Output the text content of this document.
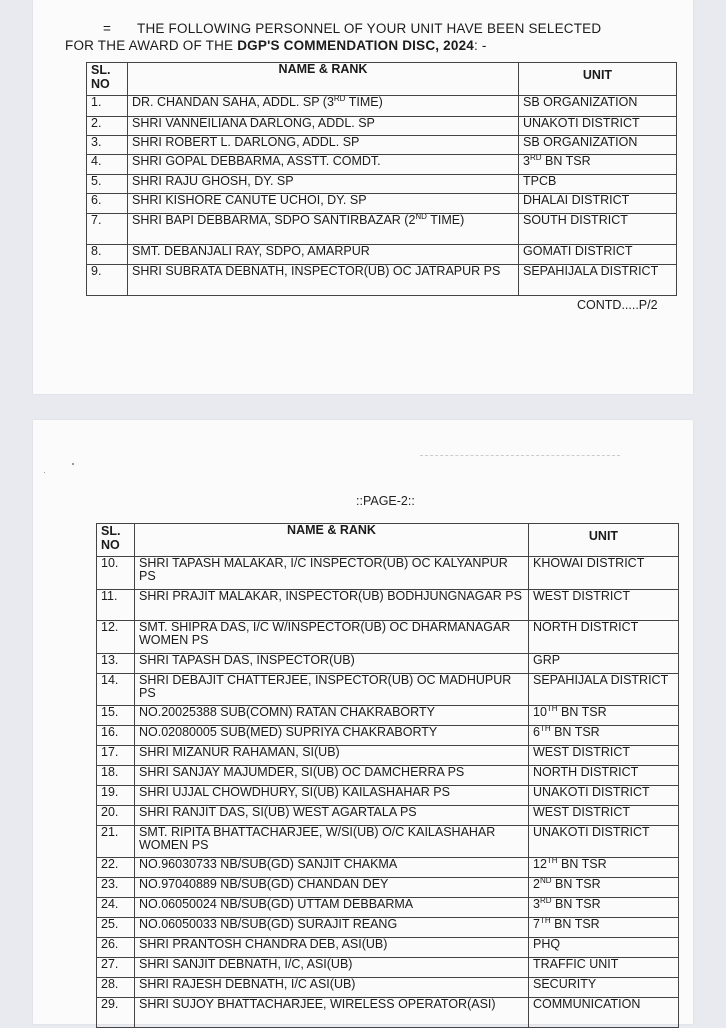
= THE FOLLOWING PERSONNEL OF YOUR UNIT HAVE BEEN SELECTED
FOR THE AWARD OF THE DGP'S COMMENDATION DISC, 2024: -
SL. NO	NAME & RANK	UNIT
1.	DR. CHANDAN SAHA, ADDL. SP (3RD TIME)	SB ORGANIZATION
2.	SHRI VANNEILIANA DARLONG, ADDL. SP	UNAKOTI DISTRICT
3.	SHRI ROBERT L. DARLONG, ADDL. SP	SB ORGANIZATION
4.	SHRI GOPAL DEBBARMA, ASSTT. COMDT.	3RD BN TSR
5.	SHRI RAJU GHOSH, DY. SP	TPCB
6.	SHRI KISHORE CANUTE UCHOI, DY. SP	DHALAI DISTRICT
7.	SHRI BAPI DEBBARMA, SDPO SANTIRBAZAR (2ND TIME)	SOUTH DISTRICT
8.	SMT. DEBANJALI RAY, SDPO, AMARPUR	GOMATI DISTRICT
9.	SHRI SUBRATA DEBNATH, INSPECTOR(UB) OC JATRAPUR PS	SEPAHIJALA DISTRICT
CONTD.....P/2
::PAGE-2::
SL. NO	NAME & RANK	UNIT
10.	SHRI TAPASH MALAKAR, I/C INSPECTOR(UB) OC KALYANPUR PS	KHOWAI DISTRICT
11.	SHRI PRAJIT MALAKAR, INSPECTOR(UB) BODHJUNGNAGAR PS	WEST DISTRICT
12.	SMT. SHIPRA DAS, I/C W/INSPECTOR(UB) OC DHARMANAGAR WOMEN PS	NORTH DISTRICT
13.	SHRI TAPASH DAS, INSPECTOR(UB)	GRP
14.	SHRI DEBAJIT CHATTERJEE, INSPECTOR(UB) OC MADHUPUR PS	SEPAHIJALA DISTRICT
15.	NO.20025388 SUB(COMN) RATAN CHAKRABORTY	10TH BN TSR
16.	NO.02080005 SUB(MED) SUPRIYA CHAKRABORTY	6TH BN TSR
17.	SHRI MIZANUR RAHAMAN, SI(UB)	WEST DISTRICT
18.	SHRI SANJAY MAJUMDER, SI(UB) OC DAMCHERRA PS	NORTH DISTRICT
19.	SHRI UJJAL CHOWDHURY, SI(UB) KAILASHAHAR PS	UNAKOTI DISTRICT
20.	SHRI RANJIT DAS, SI(UB) WEST AGARTALA PS	WEST DISTRICT
21.	SMT. RIPITA BHATTACHARJEE, W/SI(UB) O/C KAILASHAHAR WOMEN PS	UNAKOTI DISTRICT
22.	NO.96030733 NB/SUB(GD) SANJIT CHAKMA	12TH BN TSR
23.	NO.97040889 NB/SUB(GD) CHANDAN DEY	2ND BN TSR
24.	NO.06050024 NB/SUB(GD) UTTAM DEBBARMA	3RD BN TSR
25.	NO.06050033 NB/SUB(GD) SURAJIT REANG	7TH BN TSR
26.	SHRI PRANTOSH CHANDRA DEB, ASI(UB)	PHQ
27.	SHRI SANJIT DEBNATH, I/C, ASI(UB)	TRAFFIC UNIT
28.	SHRI RAJESH DEBNATH, I/C ASI(UB)	SECURITY
29.	SHRI SUJOY BHATTACHARJEE, WIRELESS OPERATOR(ASI)	COMMUNICATION
